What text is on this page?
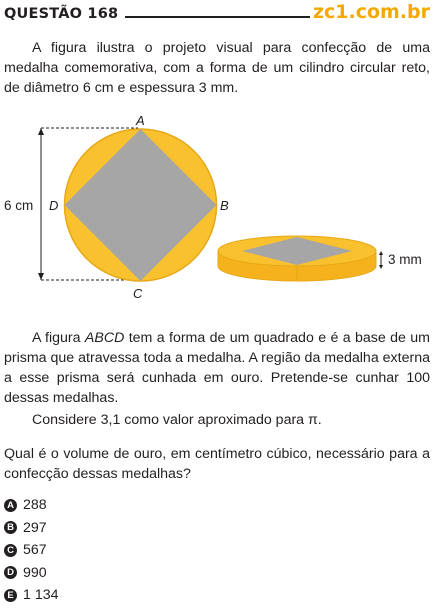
QUESTÃO 168	zc1.com.br

A figura ilustra o projeto visual para confecção de uma medalha comemorativa, com a forma de um cilindro circular reto, de diâmetro 6 cm e espessura 3 mm.

A
B
C
D
6 cm
3 mm

A figura ABCD tem a forma de um quadrado e é a base de um prisma que atravessa toda a medalha. A região da medalha externa a esse prisma será cunhada em ouro. Pretende-se cunhar 100 dessas medalhas.

Considere 3,1 como valor aproximado para π.

Qual é o volume de ouro, em centímetro cúbico, necessário para a confecção dessas medalhas?

A 288
B 297
C 567
D 990
E 1 134
